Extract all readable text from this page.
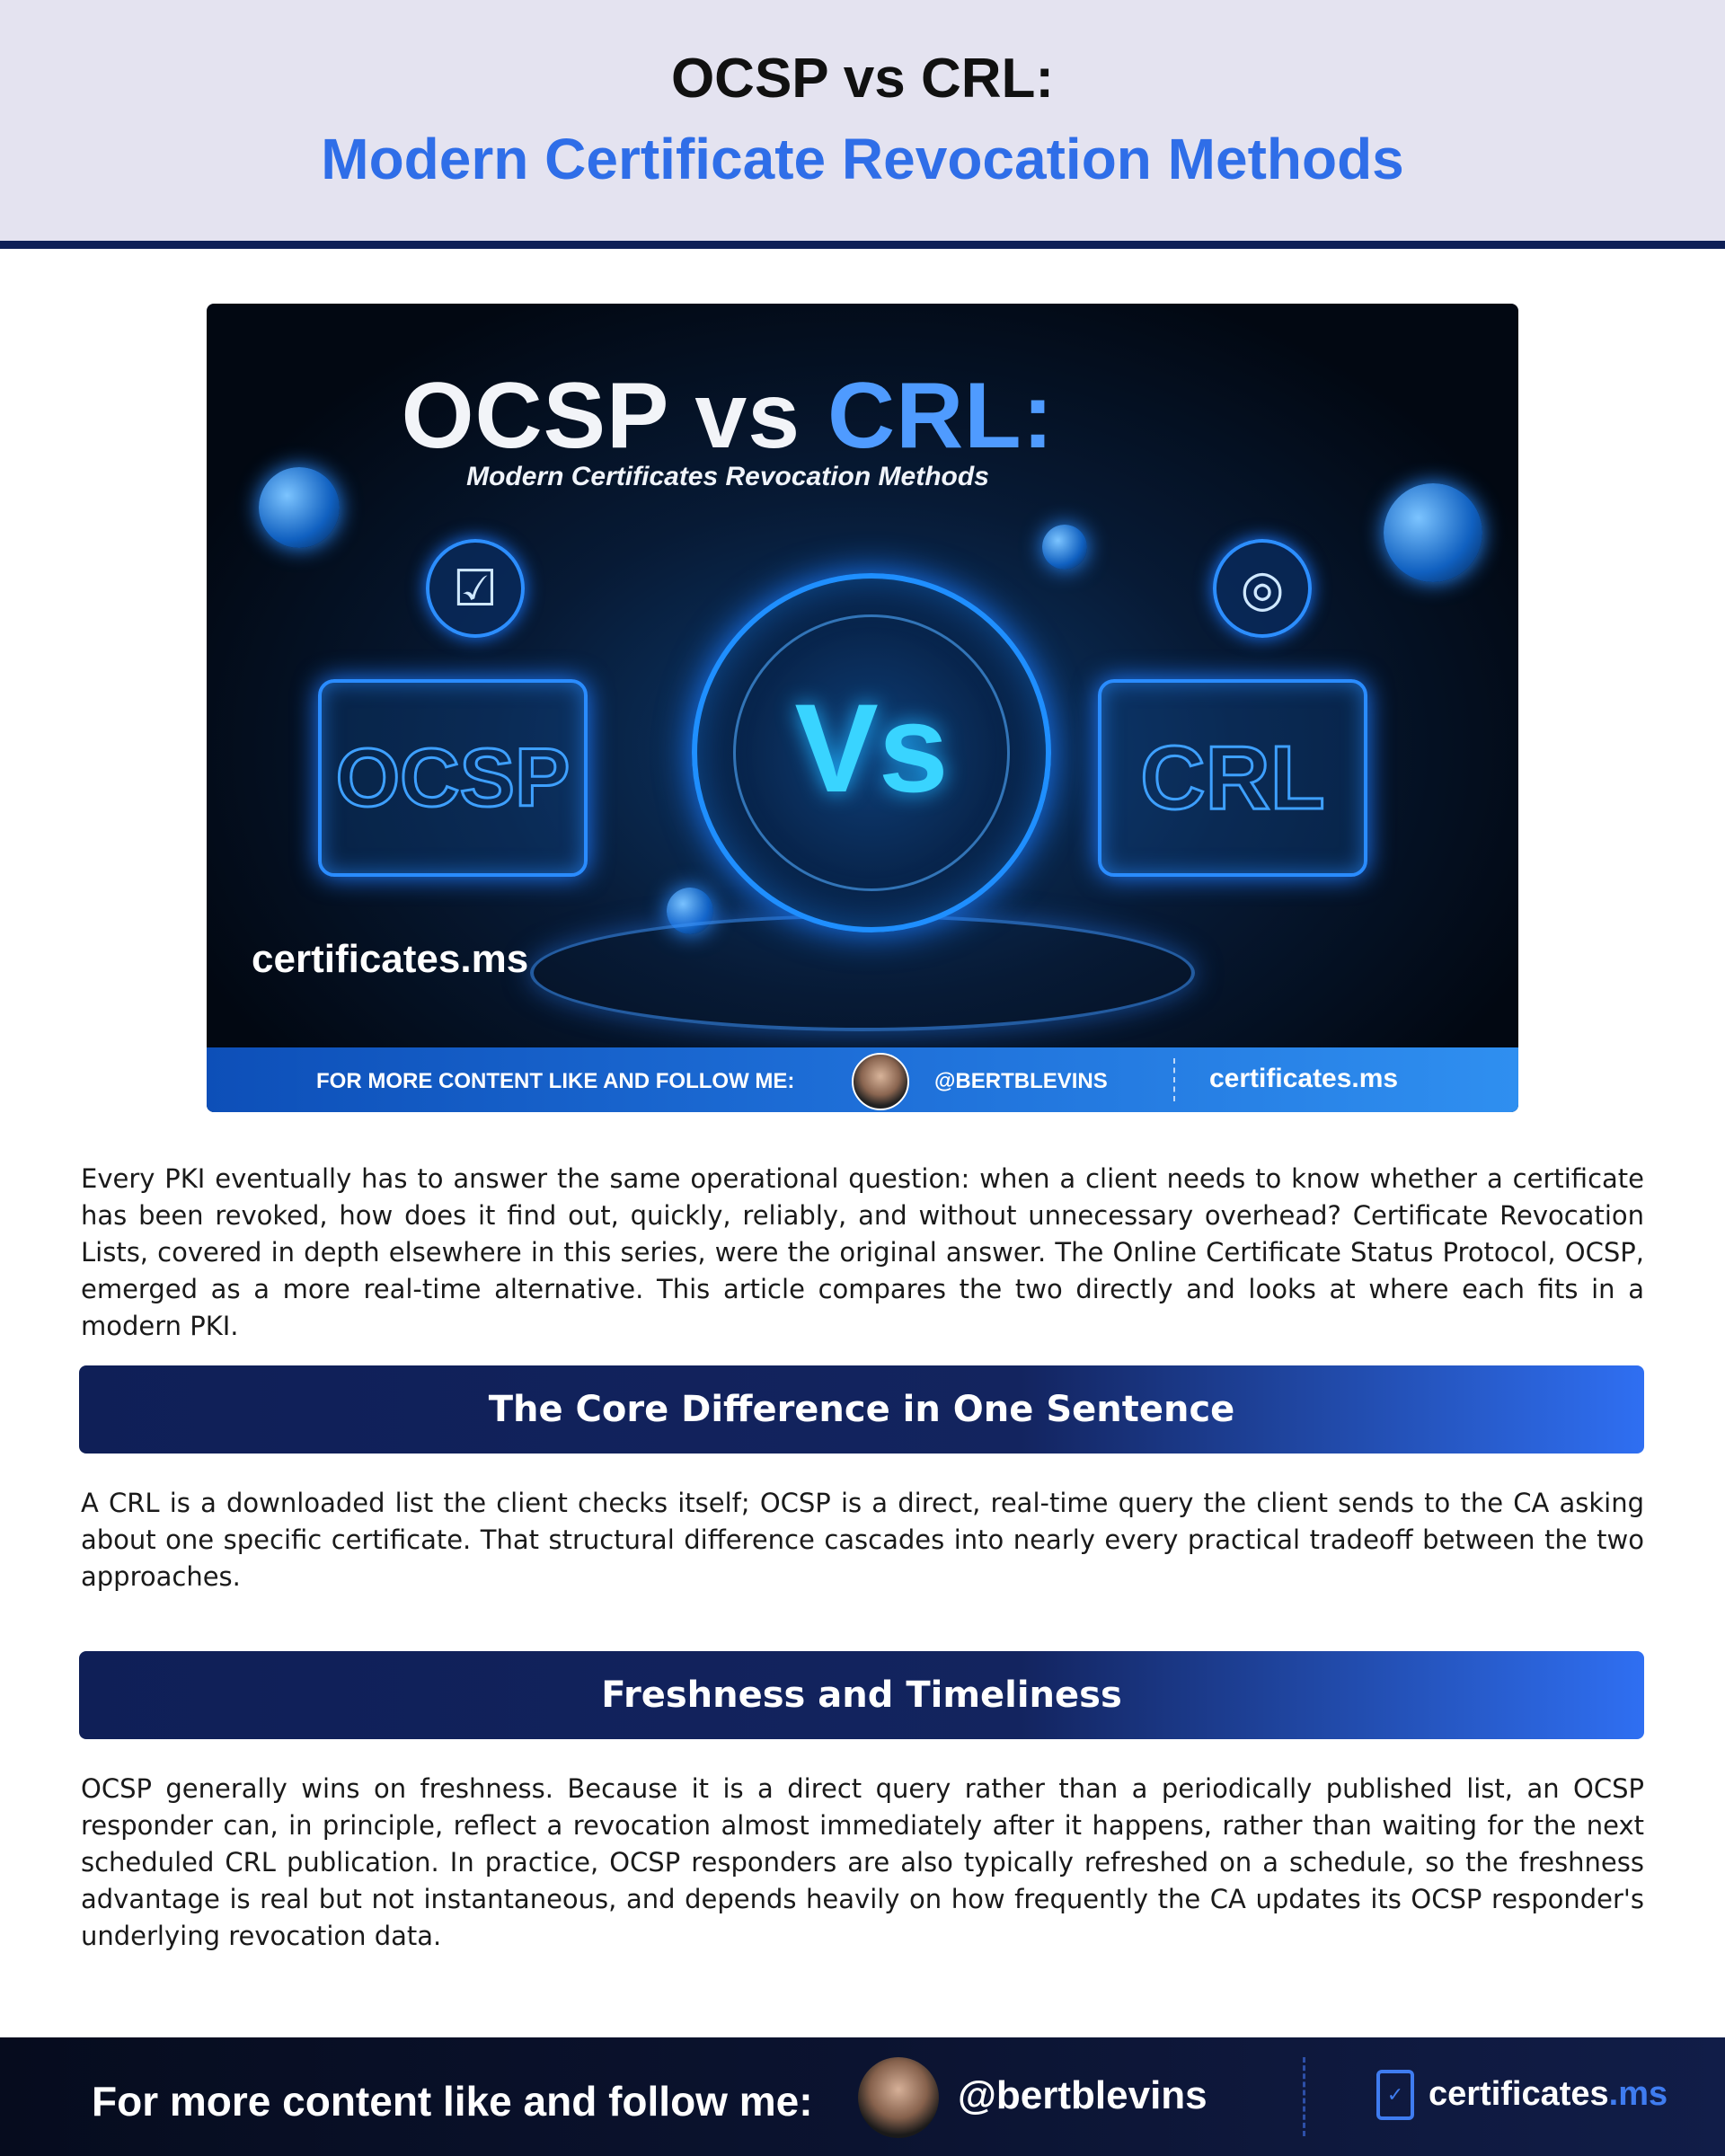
OCSP vs CRL:
Modern Certificate Revocation Methods
OCSP vs CRL:
Modern Certificates Revocation Methods
☑	◎
OCSP	Vs	CRL
certificates.ms
FOR MORE CONTENT LIKE AND FOLLOW ME:	@BERTBLEVINS	certificates.ms

Every PKI eventually has to answer the same operational question: when a client needs to know whether a certificate has been revoked, how does it find out, quickly, reliably, and without unnecessary overhead? Certificate Revocation Lists, covered in depth elsewhere in this series, were the original answer. The Online Certificate Status Protocol, OCSP, emerged as a more real-time alternative. This article compares the two directly and looks at where each fits in a modern PKI.

The Core Difference in One Sentence

A CRL is a downloaded list the client checks itself; OCSP is a direct, real-time query the client sends to the CA asking about one specific certificate. That structural difference cascades into nearly every practical tradeoff between the two approaches.

Freshness and Timeliness

OCSP generally wins on freshness. Because it is a direct query rather than a periodically published list, an OCSP responder can, in principle, reflect a revocation almost immediately after it happens, rather than waiting for the next scheduled CRL publication. In practice, OCSP responders are also typically refreshed on a schedule, so the freshness advantage is real but not instantaneous, and depends heavily on how frequently the CA updates its OCSP responder's underlying revocation data.

For more content like and follow me:	@bertblevins	✓ certificates.ms
